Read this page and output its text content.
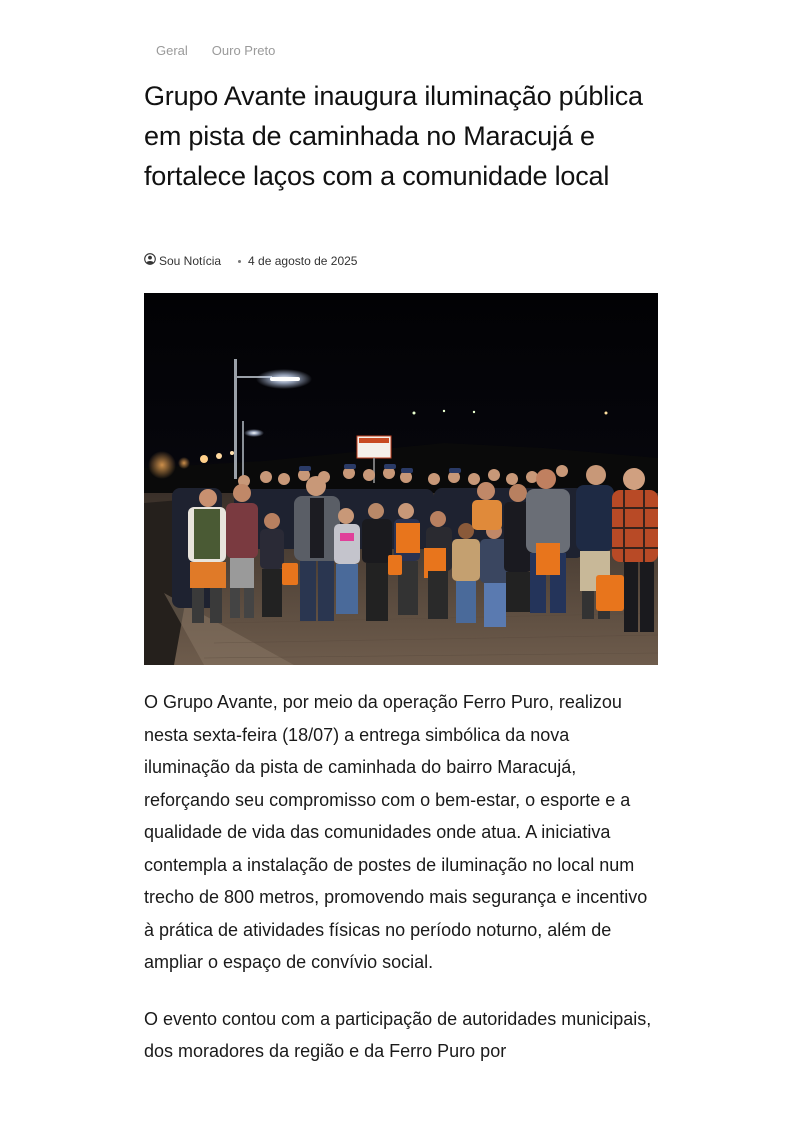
Geral	Ouro Preto
Grupo Avante inaugura iluminação pública em pista de caminhada no Maracujá e fortalece laços com a comunidade local
Sou Notícia 4 de agosto de 2025

O Grupo Avante, por meio da operação Ferro Puro, realizou nesta sexta-feira (18/07) a entrega simbólica da nova iluminação da pista de caminhada do bairro Maracujá, reforçando seu compromisso com o bem-estar, o esporte e a qualidade de vida das comunidades onde atua. A iniciativa contempla a instalação de postes de iluminação no local num trecho de 800 metros, promovendo mais segurança e incentivo à prática de atividades físicas no período noturno, além de ampliar o espaço de convívio social.

O evento contou com a participação de autoridades municipais, dos moradores da região e da Ferro Puro por
